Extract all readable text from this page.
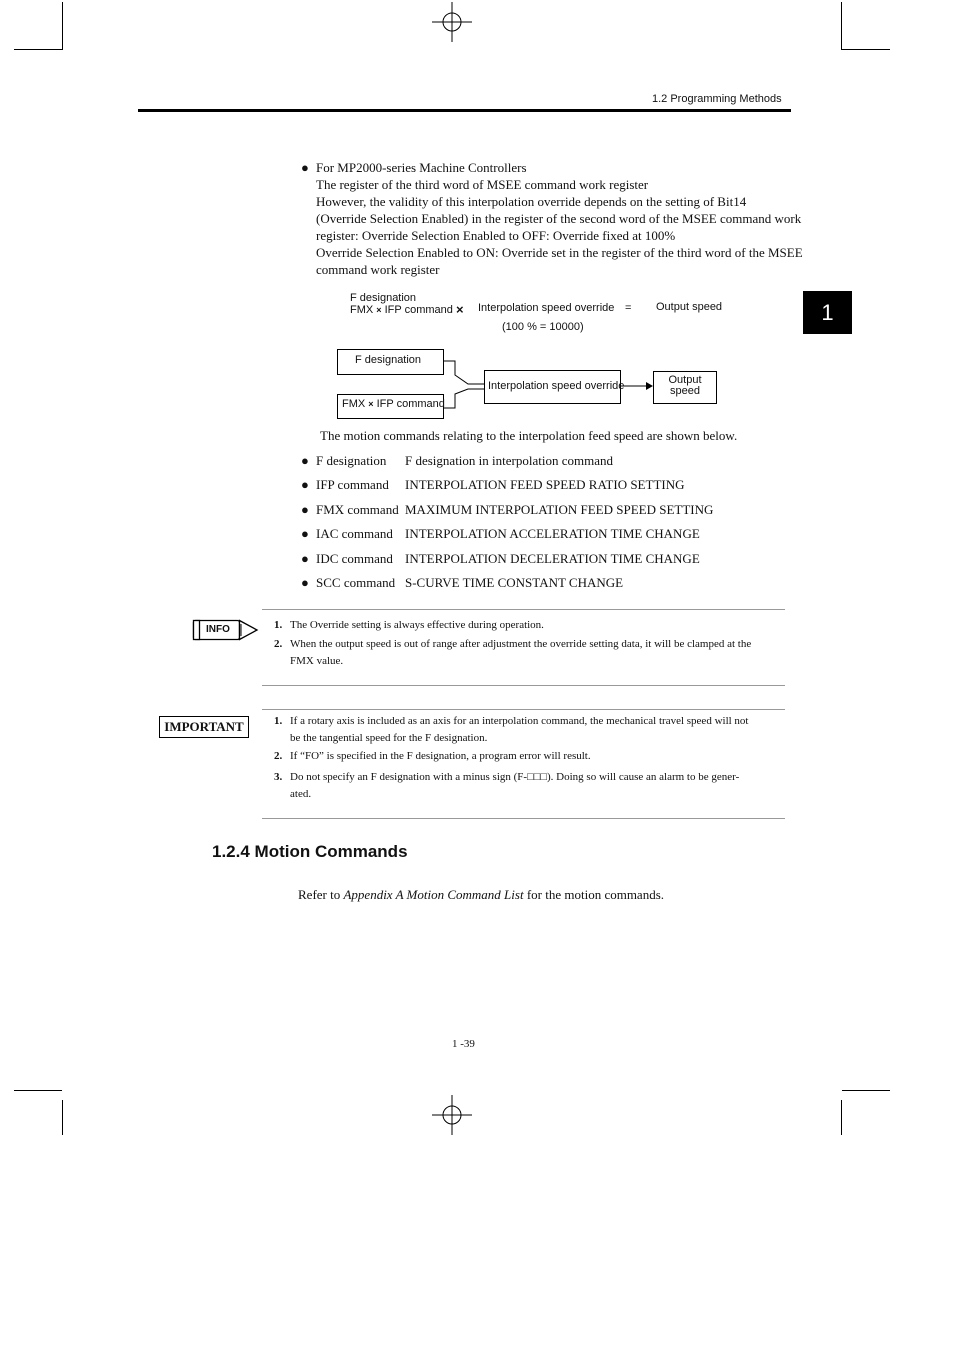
1.2 Programming Methods
1
● For MP2000-series Machine Controllers
The register of the third word of MSEE command work register
However, the validity of this interpolation override depends on the setting of Bit14
(Override Selection Enabled) in the register of the second word of the MSEE command work
register: Override Selection Enabled to OFF: Override fixed at 100%
Override Selection Enabled to ON: Override set in the register of the third word of the MSEE
command work register
F designation
FMX × IFP command × Interpolation speed override = Output speed
(100 % = 10000)
F designation
FMX × IFP command
Interpolation speed override	Output
speed
The motion commands relating to the interpolation feed speed are shown below.
● F designation F designation in interpolation command
● IFP command INTERPOLATION FEED SPEED RATIO SETTING
● FMX command MAXIMUM INTERPOLATION FEED SPEED SETTING
● IAC command INTERPOLATION ACCELERATION TIME CHANGE
● IDC command INTERPOLATION DECELERATION TIME CHANGE
● SCC command S-CURVE TIME CONSTANT CHANGE
INFO	1. The Override setting is always effective during operation.
2. When the output speed is out of range after adjustment the override setting data, it will be clamped at the
FMX value.
IMPORTANT	1. If a rotary axis is included as an axis for an interpolation command, the mechanical travel speed will not
be the tangential speed for the F designation.
2. If “FO” is specified in the F designation, a program error will result.
3. Do not specify an F designation with a minus sign (F-□□□). Doing so will cause an alarm to be gener-
ated.
1.2.4 Motion Commands
Refer to Appendix A Motion Command List for the motion commands.
1 -39
